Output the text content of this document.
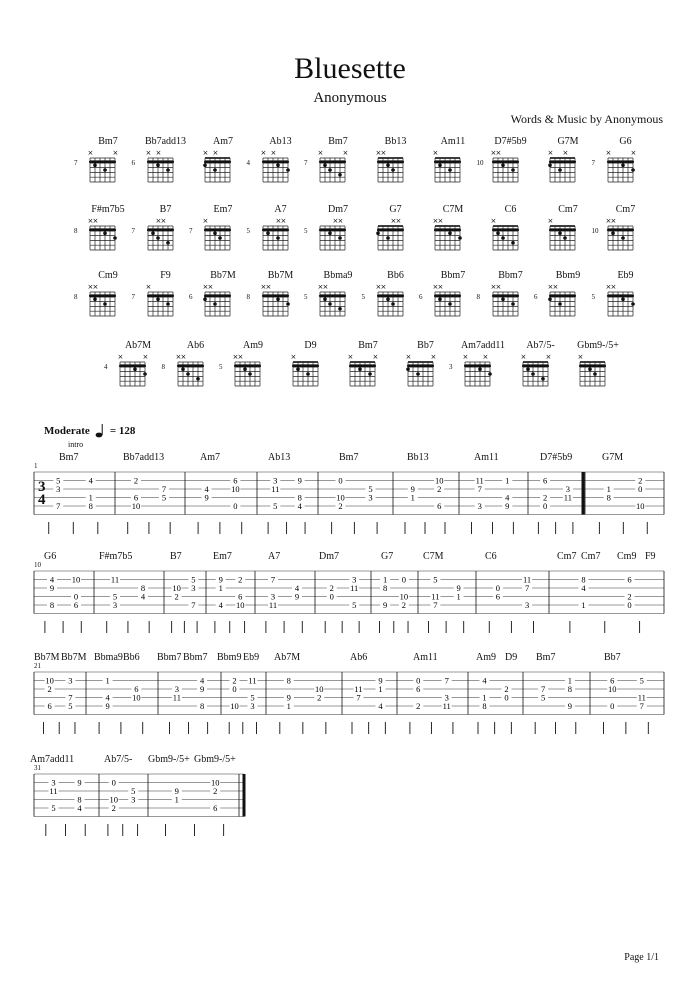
Bluesette
Anonymous
Words & Music by Anonymous
Bm7
×	×
7
Bb7add13
× ×
6
Am7
× ×
Ab13
× ×
4
Bm7
×	×
7
Bb13
× ×
Am11
×
D7#5b9
× ×
10
G7M
× ×
G6
×	×
7
F#m7b5
× ×
8
B7
× ×
7
Em7
×
7
A7
× ×
5
Dm7
× ×
5
G7
× ×
C7M
× ×
C6
×
Cm7
×
Cm7
× ×
10
Cm9
× ×
8
F9
×
7
Bb7M
× ×
6
Bb7M
× ×
8
Bbma9
× ×
5
Bb6
× ×
5
Bbm7
× ×
6
Bbm7
× ×
8
Bbm9
× ×
6
Eb9
× ×
5
Ab7M
×	×
4
Ab6
× ×
8
Am9
× ×
5
D9
×
Bm7
×	×
Bb7
×	×
Am7add11
× ×
3
Ab7/5-
×	×
Gbm9-/5+
×
Moderate = 128
5
3
7
4
1
8
2
6
10
7
5
4
9
6
10
0
3
11
5
9
8
4
0
10
2
5
3
9
1
10
2
6
11
7
3
1
4
9
6
2
0
3
11
1
8
2
0
10
1
intro
Bm7	Bb7add13	Am7	Ab13	Bm7	Bb13	Am11	D7#5b9	G7M
3
4
4
9
8
10
0
6
11
5
3
8
4
10
2
5
3
7
9
1
4
2
6
10
7
3
11
4
9
2
0
3
11
5
1
8
9
0
10
2
5
11
7
9
1
0
6
11
7
3
8
4
1
6
2
0
10
G6	F#m7b5	B7	Em7	A7	Dm7	G7	C7M	C6	Cm7 Cm7 Cm9 F9
10
2
6
3
7
5
1
4
9
6
10
3
11
4
9
8
2
0
10
11
5
3
8
9
1
10
2
11
7
9
1
4
0
6
2
7
3
11
4
1
8
2
0
7
5
1
8
9
6
10
0
5
11
7
21
Bb7M Bb7M Bbma9 Bb6 Bbm7 Bbm7 Bbm9 Eb9 Ab7M	Ab6	Am11	Am9 D9 Bm7	Bb7
3
11
5
9
8
4
0
10
2
5
3
9
1
10
2
6
31
Am7add11	Ab7/5- Gbm9-/5+ Gbm9-/5+
Page 1/1
